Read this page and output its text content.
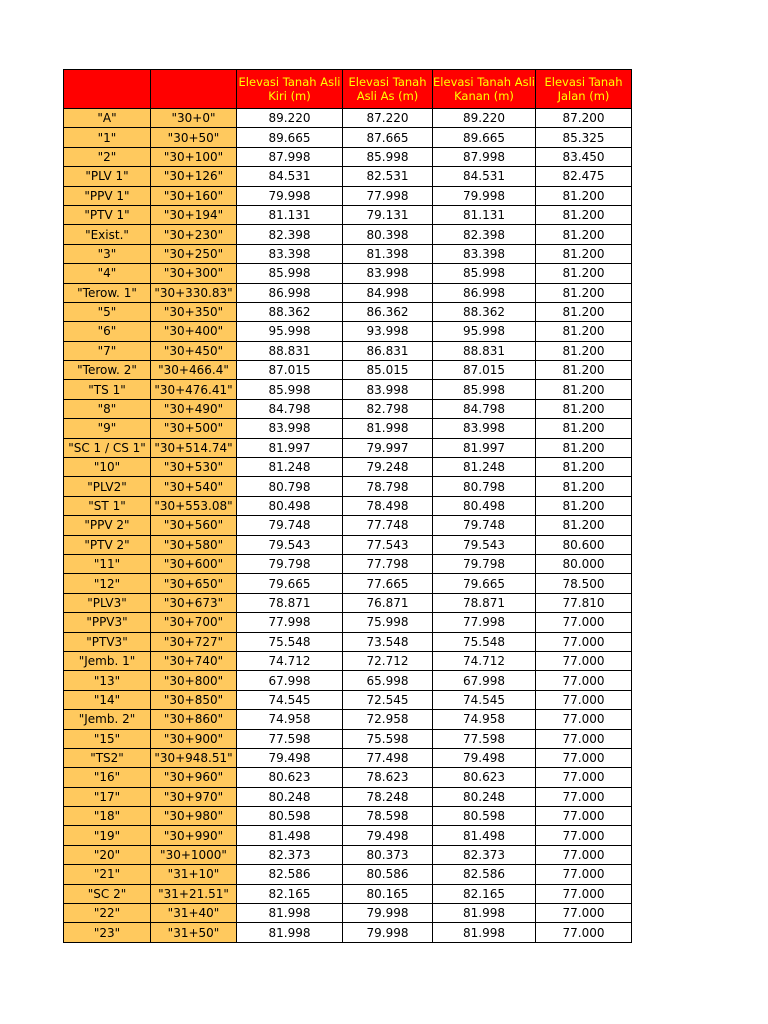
		Elevasi Tanah Asli Kiri (m)	Elevasi Tanah Asli As (m)	Elevasi Tanah Asli Kanan (m)	Elevasi Tanah Jalan (m)
"A"	"30+0"	89.220	87.220	89.220	87.200
"1"	"30+50"	89.665	87.665	89.665	85.325
"2"	"30+100"	87.998	85.998	87.998	83.450
"PLV 1"	"30+126"	84.531	82.531	84.531	82.475
"PPV 1"	"30+160"	79.998	77.998	79.998	81.200
"PTV 1"	"30+194"	81.131	79.131	81.131	81.200
"Exist."	"30+230"	82.398	80.398	82.398	81.200
"3"	"30+250"	83.398	81.398	83.398	81.200
"4"	"30+300"	85.998	83.998	85.998	81.200
"Terow. 1"	"30+330.83"	86.998	84.998	86.998	81.200
"5"	"30+350"	88.362	86.362	88.362	81.200
"6"	"30+400"	95.998	93.998	95.998	81.200
"7"	"30+450"	88.831	86.831	88.831	81.200
"Terow. 2"	"30+466.4"	87.015	85.015	87.015	81.200
"TS 1"	"30+476.41"	85.998	83.998	85.998	81.200
"8"	"30+490"	84.798	82.798	84.798	81.200
"9"	"30+500"	83.998	81.998	83.998	81.200
"SC 1 / CS 1"	"30+514.74"	81.997	79.997	81.997	81.200
"10"	"30+530"	81.248	79.248	81.248	81.200
"PLV2"	"30+540"	80.798	78.798	80.798	81.200
"ST 1"	"30+553.08"	80.498	78.498	80.498	81.200
"PPV 2"	"30+560"	79.748	77.748	79.748	81.200
"PTV 2"	"30+580"	79.543	77.543	79.543	80.600
"11"	"30+600"	79.798	77.798	79.798	80.000
"12"	"30+650"	79.665	77.665	79.665	78.500
"PLV3"	"30+673"	78.871	76.871	78.871	77.810
"PPV3"	"30+700"	77.998	75.998	77.998	77.000
"PTV3"	"30+727"	75.548	73.548	75.548	77.000
"Jemb. 1"	"30+740"	74.712	72.712	74.712	77.000
"13"	"30+800"	67.998	65.998	67.998	77.000
"14"	"30+850"	74.545	72.545	74.545	77.000
"Jemb. 2"	"30+860"	74.958	72.958	74.958	77.000
"15"	"30+900"	77.598	75.598	77.598	77.000
"TS2"	"30+948.51"	79.498	77.498	79.498	77.000
"16"	"30+960"	80.623	78.623	80.623	77.000
"17"	"30+970"	80.248	78.248	80.248	77.000
"18"	"30+980"	80.598	78.598	80.598	77.000
"19"	"30+990"	81.498	79.498	81.498	77.000
"20"	"30+1000"	82.373	80.373	82.373	77.000
"21"	"31+10"	82.586	80.586	82.586	77.000
"SC 2"	"31+21.51"	82.165	80.165	82.165	77.000
"22"	"31+40"	81.998	79.998	81.998	77.000
"23"	"31+50"	81.998	79.998	81.998	77.000
